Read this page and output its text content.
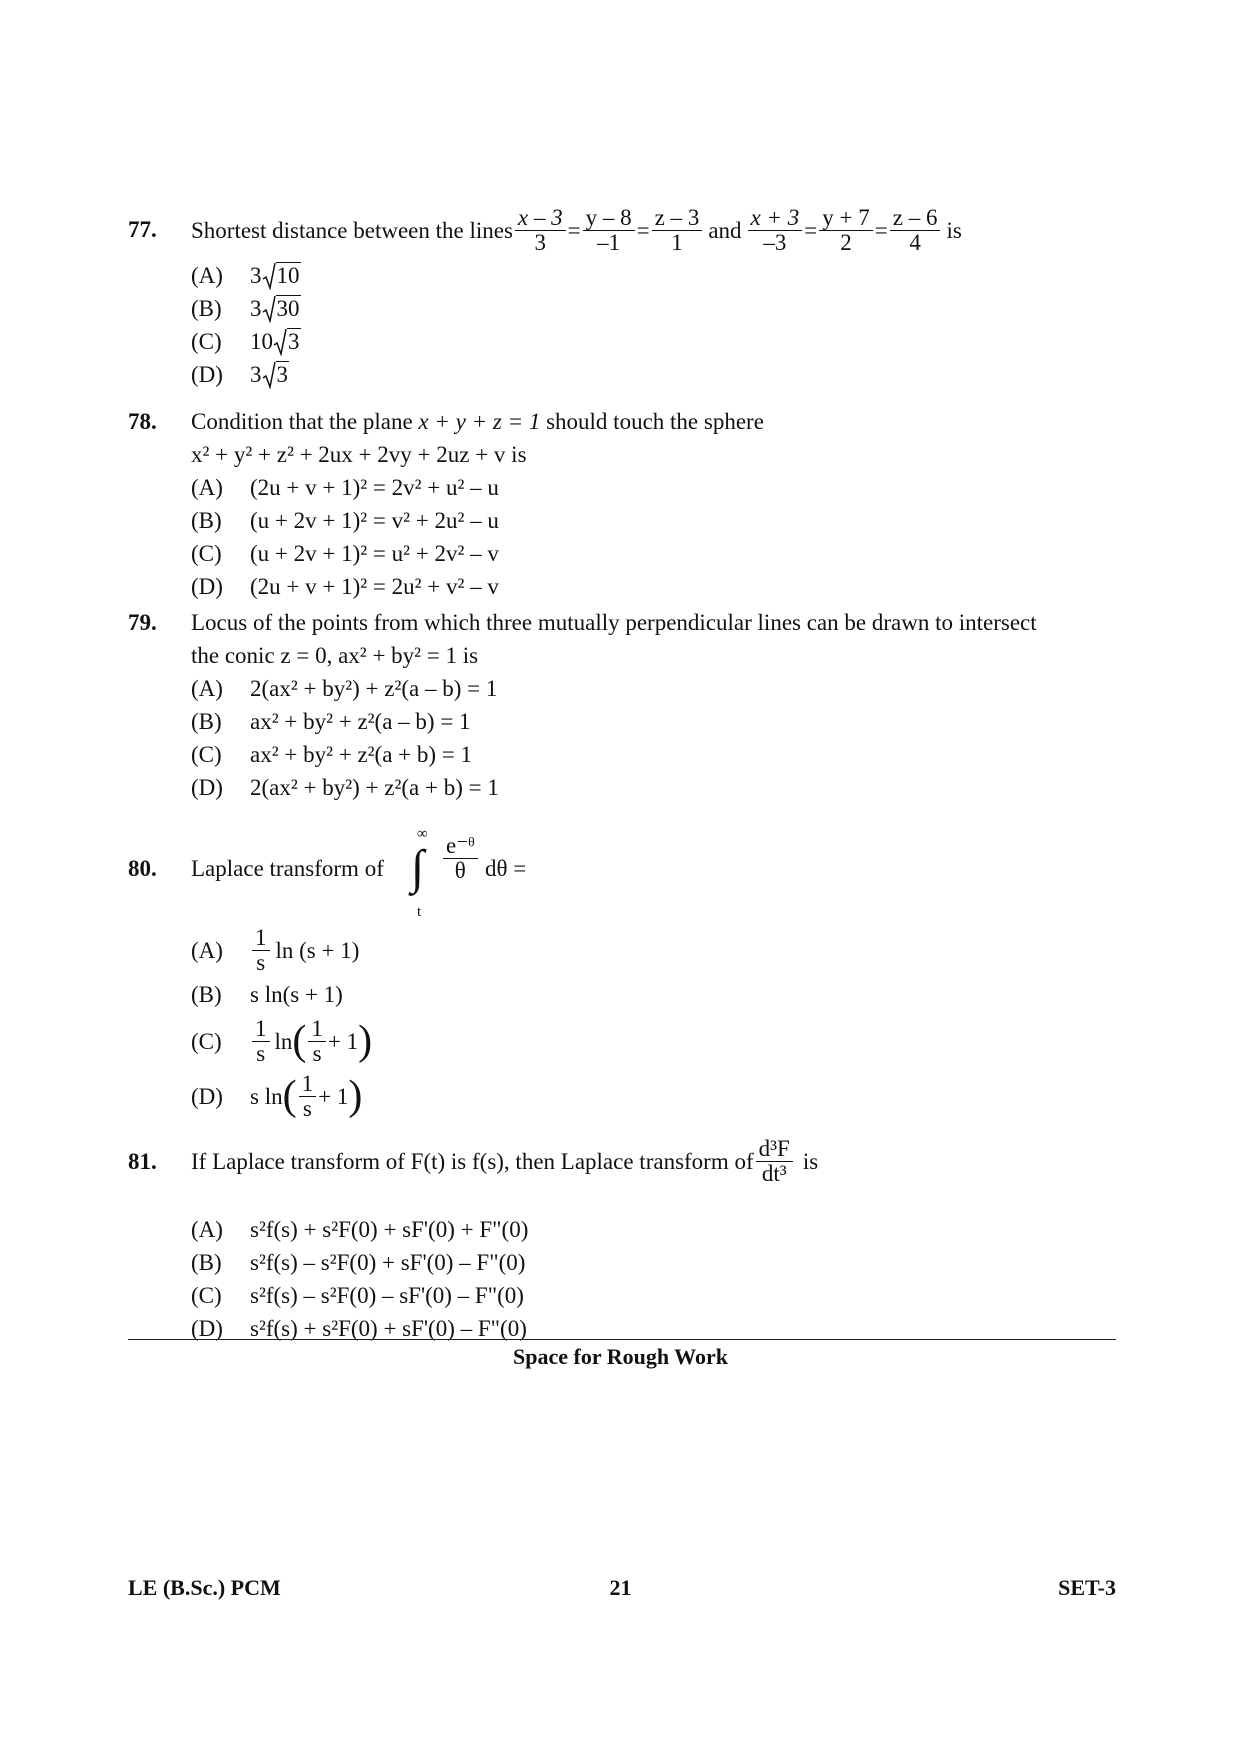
77.	Shortest distance between the lines $\frac{x - 3}{3} = \frac{y - 8}{-1} = \frac{z - 3}{1}$ and $\frac{x + 3}{-3} = \frac{y + 7}{2} = \frac{z - 6}{4}$ is
(A)	3 10
(B)	3 30
(C)	10 3
(D)	3 3
78.	Condition that the plane x + y + z = 1 should touch the sphere
x² + y² + z² + 2ux + 2vy + 2uz + v is
(A)	(2u + v + 1)² = 2v² + u² – u
(B)	(u + 2v + 1)² = v² + 2u² – u
(C)	(u + 2v + 1)² = u² + 2v² – v
(D)	(2u + v + 1)² = 2u² + v² – v
79.	Locus of the points from which three mutually perpendicular lines can be drawn to intersect
the conic z = 0, ax² + by² = 1 is
(A)	2(ax² + by²) + z²(a – b) = 1
(B)	ax² + by² + z²(a – b) = 1
(C)	ax² + by² + z²(a + b) = 1
(D)	2(ax² + by²) + z²(a + b) = 1
80.	Laplace transform of
∞
∫
t
$\frac{\text{e⁻ᶿ}}{\theta}$ dθ =
(A)	$\frac{1}{s}$ ln (s + 1)
(B)	s ln(s + 1)
(C)	$\frac{1}{s}$ ln ( $\frac{1}{s} + 1$ )
(D)	s ln ( $\frac{1}{s} + 1$ )
81.	If Laplace transform of F(t) is f(s), then Laplace transform of $\frac{\text{d³F}}{\text{dt³}}$ is
(A)	s²f(s) + s²F(0) + sF'(0) + F"(0)
(B)	s²f(s) – s²F(0) + sF'(0) – F"(0)
(C)	s²f(s) – s²F(0) – sF'(0) – F"(0)
(D)	s²f(s) + s²F(0) + sF'(0) – F"(0)
Space for Rough Work
LE (B.Sc.) PCM	21	SET-3
